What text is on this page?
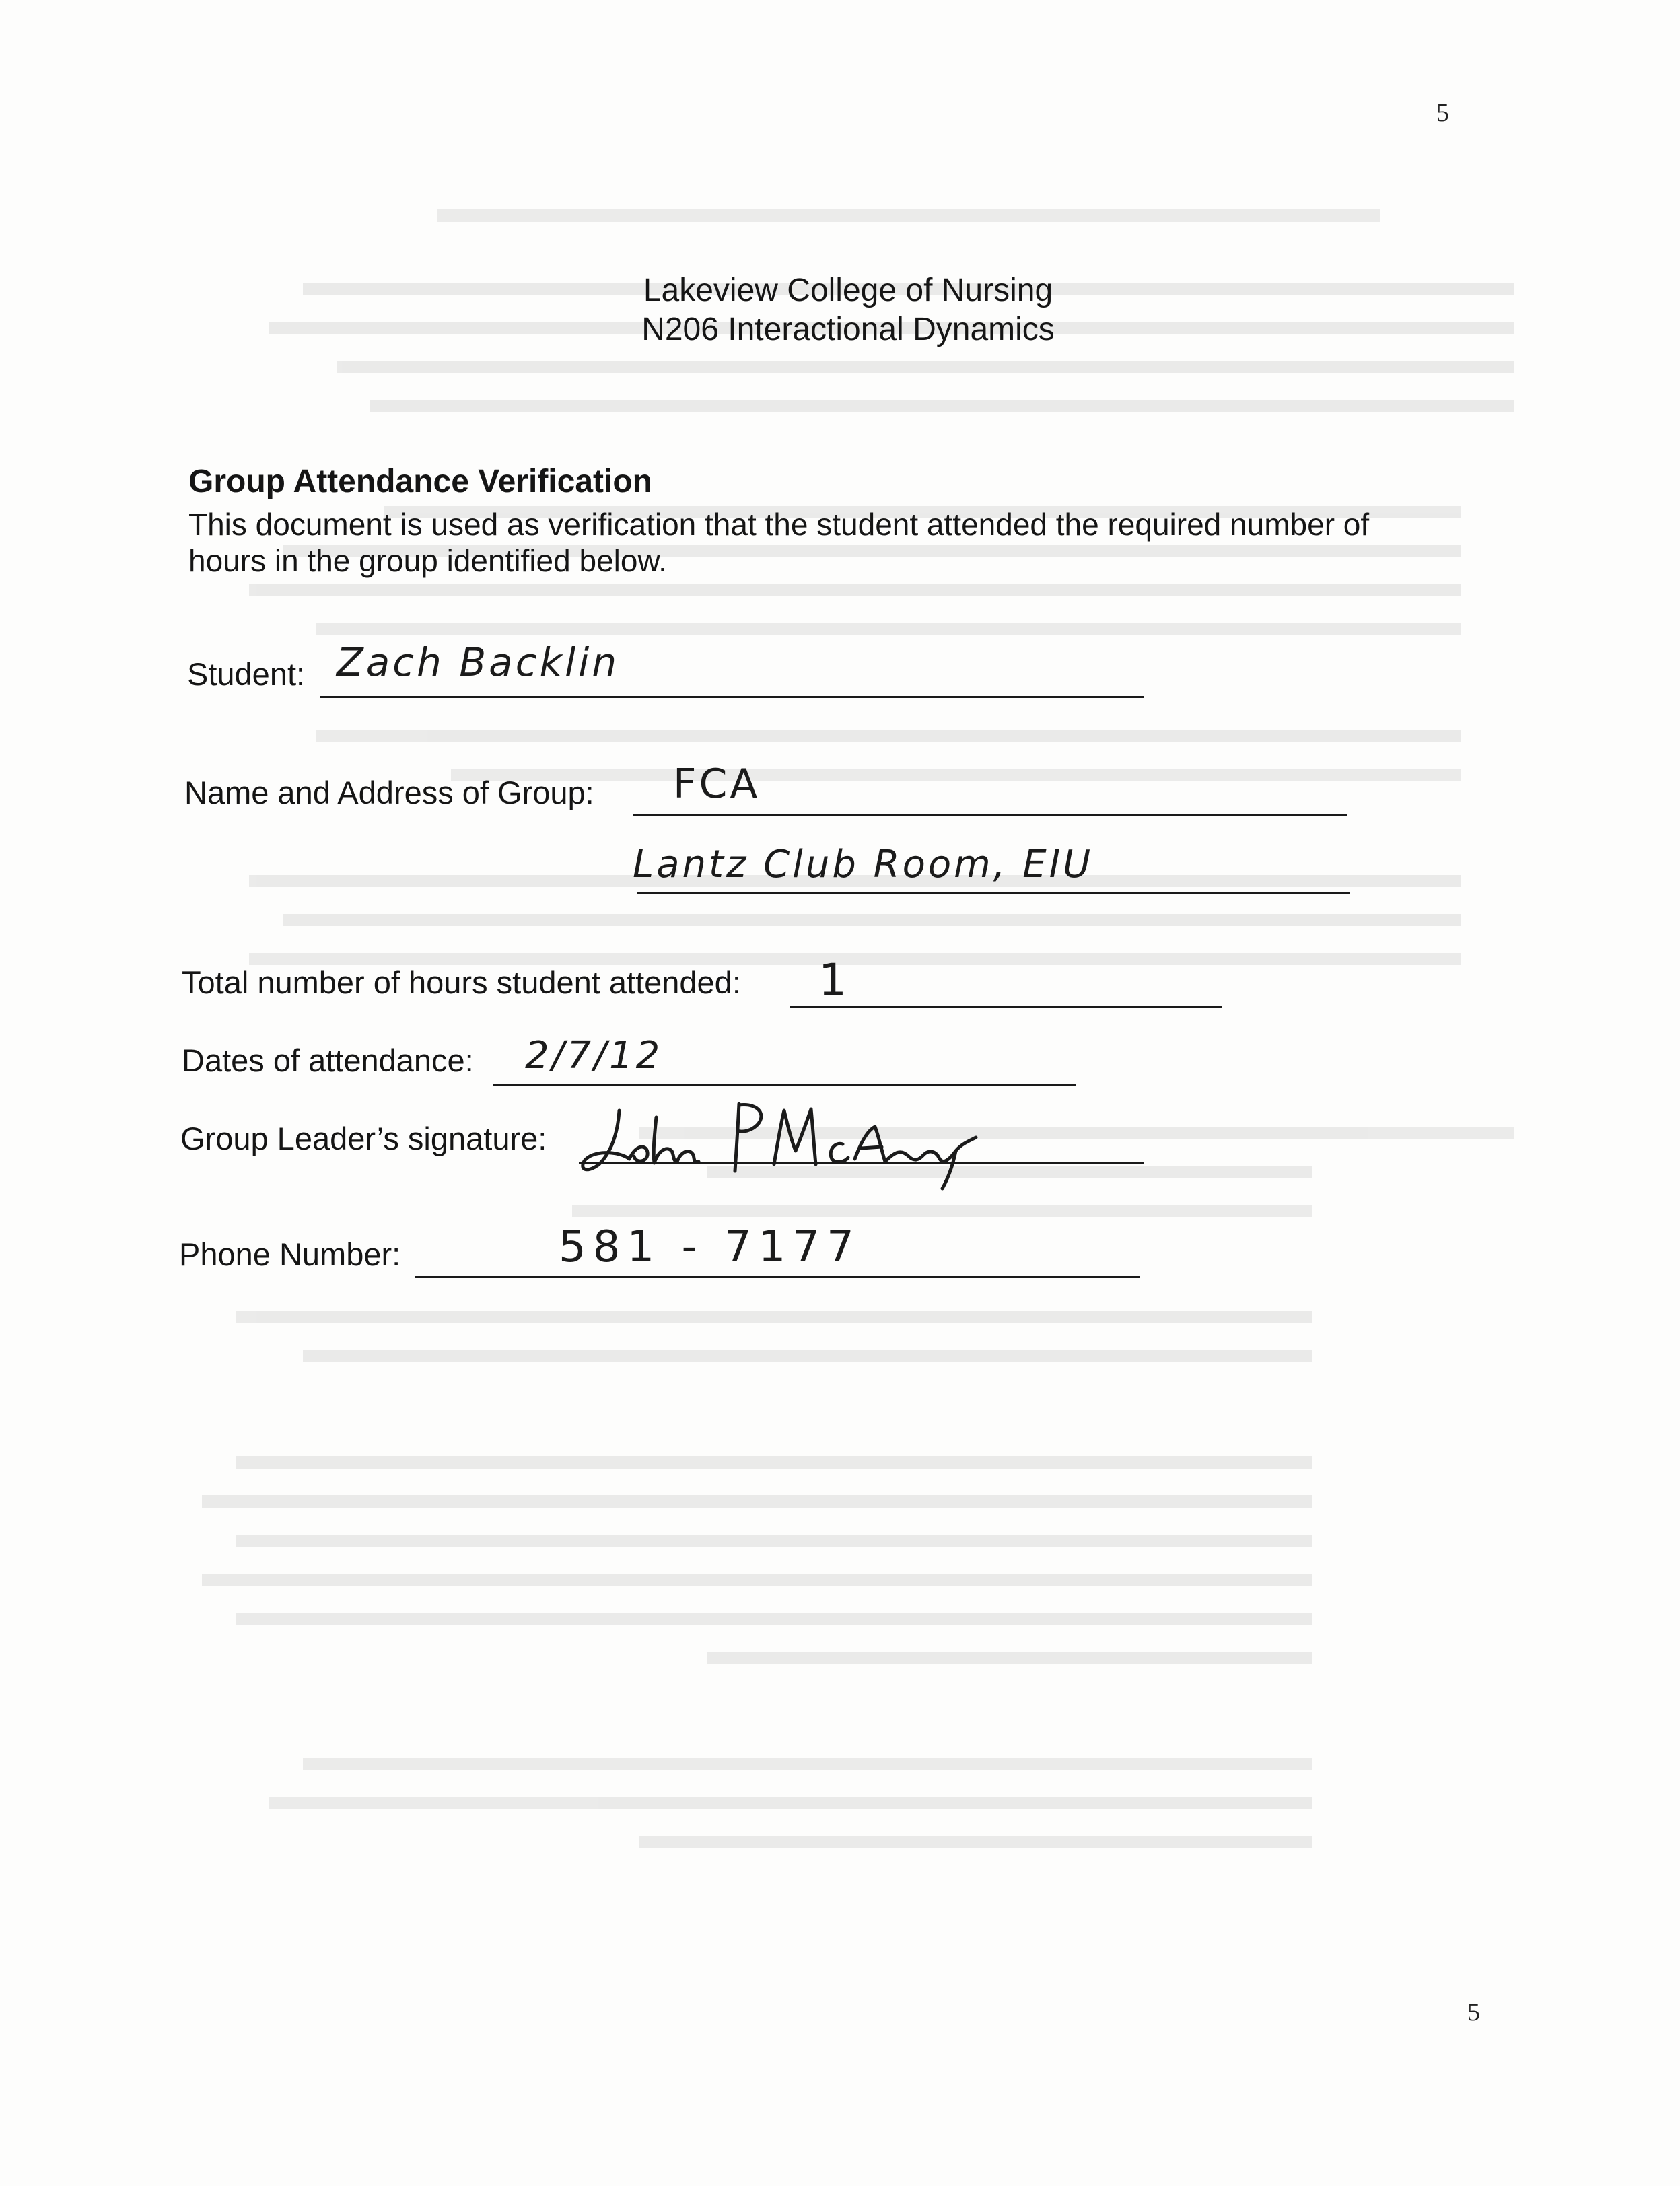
5
Lakeview College of Nursing
N206 Interactional Dynamics
Group Attendance Verification

This document is used as verification that the student attended the required number of

hours in the group identified below.

Student: Zach Backlin
Name and Address of Group: FCA
Lantz Club Room, EIU
Total number of hours student attended: 1
Dates of attendance: 2/7/12
Group Leader’s signature:
Phone Number:	581 - 7177
5
